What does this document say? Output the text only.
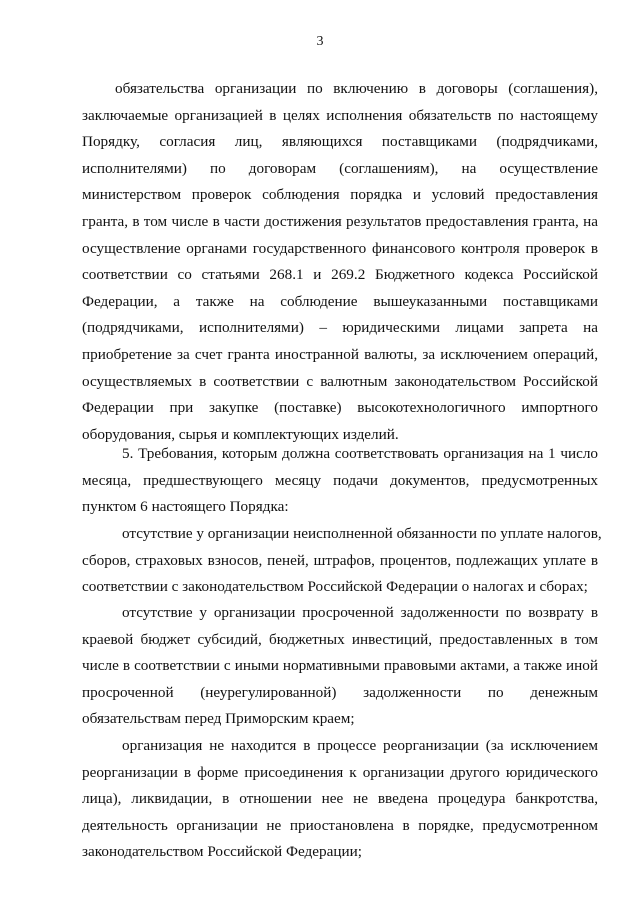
3
обязательства организации по включению в договоры (соглашения),
заключаемые организацией в целях исполнения обязательств по настоящему
Порядку, согласия лиц, являющихся поставщиками (подрядчиками,
исполнителями) по договорам (соглашениям), на осуществление
министерством проверок соблюдения порядка и условий предоставления
гранта, в том числе в части достижения результатов предоставления гранта, на
осуществление органами государственного финансового контроля проверок в
соответствии со статьями 268.1 и 269.2 Бюджетного кодекса Российской
Федерации, а также на соблюдение вышеуказанными поставщиками
(подрядчиками, исполнителями) – юридическими лицами запрета на
приобретение за счет гранта иностранной валюты, за исключением операций,
осуществляемых в соответствии с валютным законодательством Российской
Федерации при закупке (поставке) высокотехнологичного импортного
оборудования, сырья и комплектующих изделий.
5. Требования, которым должна соответствовать организация на 1 число
месяца, предшествующего месяцу подачи документов, предусмотренных
пунктом 6 настоящего Порядка:
отсутствие у организации неисполненной обязанности по уплате налогов,
сборов, страховых взносов, пеней, штрафов, процентов, подлежащих уплате в
соответствии с законодательством Российской Федерации о налогах и сборах;
отсутствие у организации просроченной задолженности по возврату в
краевой бюджет субсидий, бюджетных инвестиций, предоставленных в том
числе в соответствии с иными нормативными правовыми актами, а также иной
просроченной (неурегулированной) задолженности по денежным
обязательствам перед Приморским краем;
организация не находится в процессе реорганизации (за исключением
реорганизации в форме присоединения к организации другого юридического
лица), ликвидации, в отношении нее не введена процедура банкротства,
деятельность организации не приостановлена в порядке, предусмотренном
законодательством Российской Федерации;
